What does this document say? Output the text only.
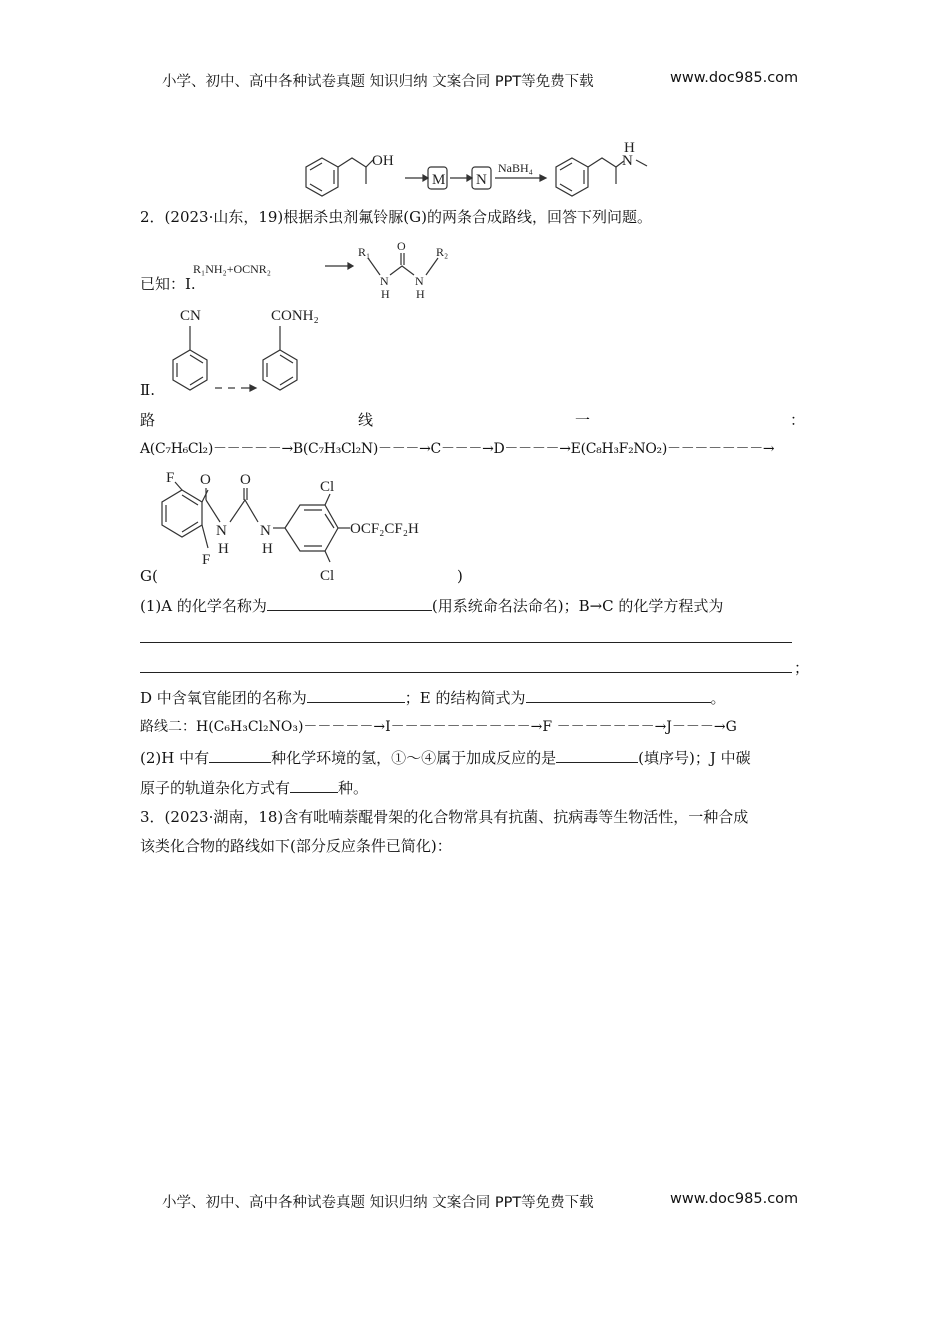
小学、初中、高中各种试卷真题 知识归纳 文案合同 PPT等免费下载	www.doc985.com
OH
M N
NaBH₄	N
H
R₁NH₂+OCNR₂
R₁	R₂
O
N
H
N
H
CN	CONH₂
F
F
O
N
H
O
N
H
Cl
Cl
OCF₂CF₂H
2．(2023·山东，19)根据杀虫剂氟铃脲(G)的两条合成路线，回答下列问题。
已知：Ⅰ.
Ⅱ.
路	线	一	：
A(C₇H₆Cl₂)－－－－－→B(C₇H₃Cl₂N)－－－→C－－－→D－－－－→E(C₈H₃F₂NO₂)－－－－－－－→
G(	)
(1)A 的化学名称为	(用系统命名法命名)；B→C 的化学方程式为
；
D 中含氧官能团的名称为	；E 的结构简式为	。
路线二：H(C₆H₃Cl₂NO₃)－－－－－→I－－－－－－－－－－→F －－－－－－－→J－－－→G
(2)H 中有	种化学环境的氢，①～④属于加成反应的是	(填序号)；J 中碳
原子的轨道杂化方式有	种。
3．(2023·湖南，18)含有吡喃萘醌骨架的化合物常具有抗菌、抗病毒等生物活性，一种合成
该类化合物的路线如下(部分反应条件已简化)：
小学、初中、高中各种试卷真题 知识归纳 文案合同 PPT等免费下载	www.doc985.com
